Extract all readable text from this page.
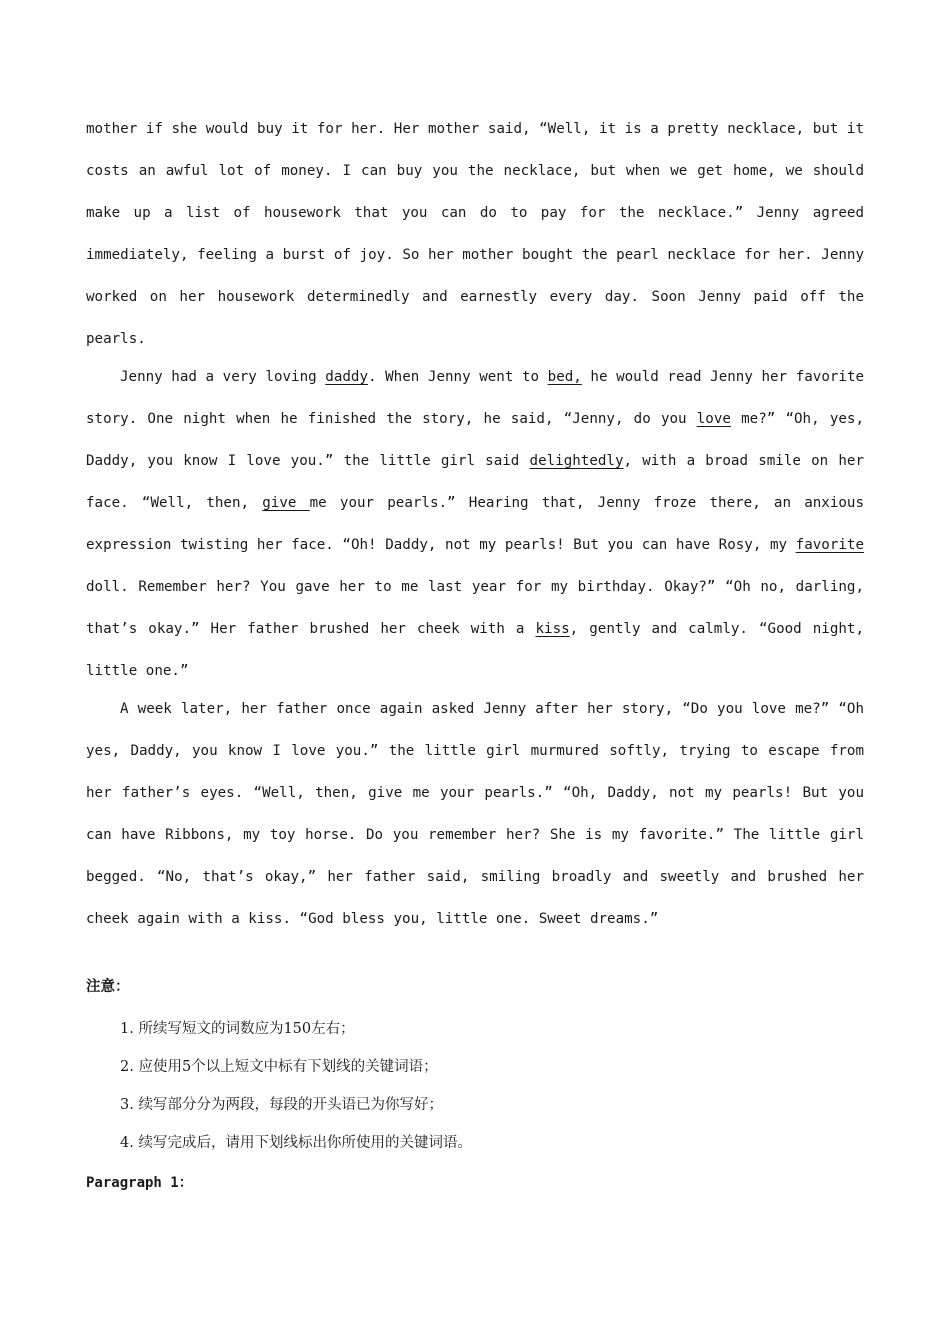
mother if she would buy it for her. Her mother said, “Well, it is a pretty necklace, but it costs an awful lot of money. I can buy you the necklace, but when we get home, we should make up a list of housework that you can do to pay for the necklace.” Jenny agreed immediately, feeling a burst of joy. So her mother bought the pearl necklace for her. Jenny worked on her housework determinedly and earnestly every day. Soon Jenny paid off the pearls.

Jenny had a very loving daddy. When Jenny went to bed, he would read Jenny her favorite story. One night when he finished the story, he said, “Jenny, do you love me?” “Oh, yes, Daddy, you know I love you.” the little girl said delightedly, with a broad smile on her face. “Well, then, give me your pearls.” Hearing that, Jenny froze there, an anxious expression twisting her face. “Oh! Daddy, not my pearls! But you can have Rosy, my favorite doll. Remember her? You gave her to me last year for my birthday. Okay?” “Oh no, darling, that’s okay.” Her father brushed her cheek with a kiss, gently and calmly. “Good night, little one.”

A week later, her father once again asked Jenny after her story, “Do you love me?” “Oh yes, Daddy, you know I love you.” the little girl murmured softly, trying to escape from her father’s eyes. “Well, then, give me your pearls.” “Oh, Daddy, not my pearls! But you can have Ribbons, my toy horse. Do you remember her? She is my favorite.” The little girl begged. “No, that’s okay,” her father said, smiling broadly and sweetly and brushed her cheek again with a kiss. “God bless you, little one. Sweet dreams.”

注意：
1. 所续写短文的词数应为150左右；
2. 应使用5个以上短文中标有下划线的关键词语；
3. 续写部分分为两段，每段的开头语已为你写好；
4. 续写完成后，请用下划线标出你所使用的关键词语。
Paragraph 1：
